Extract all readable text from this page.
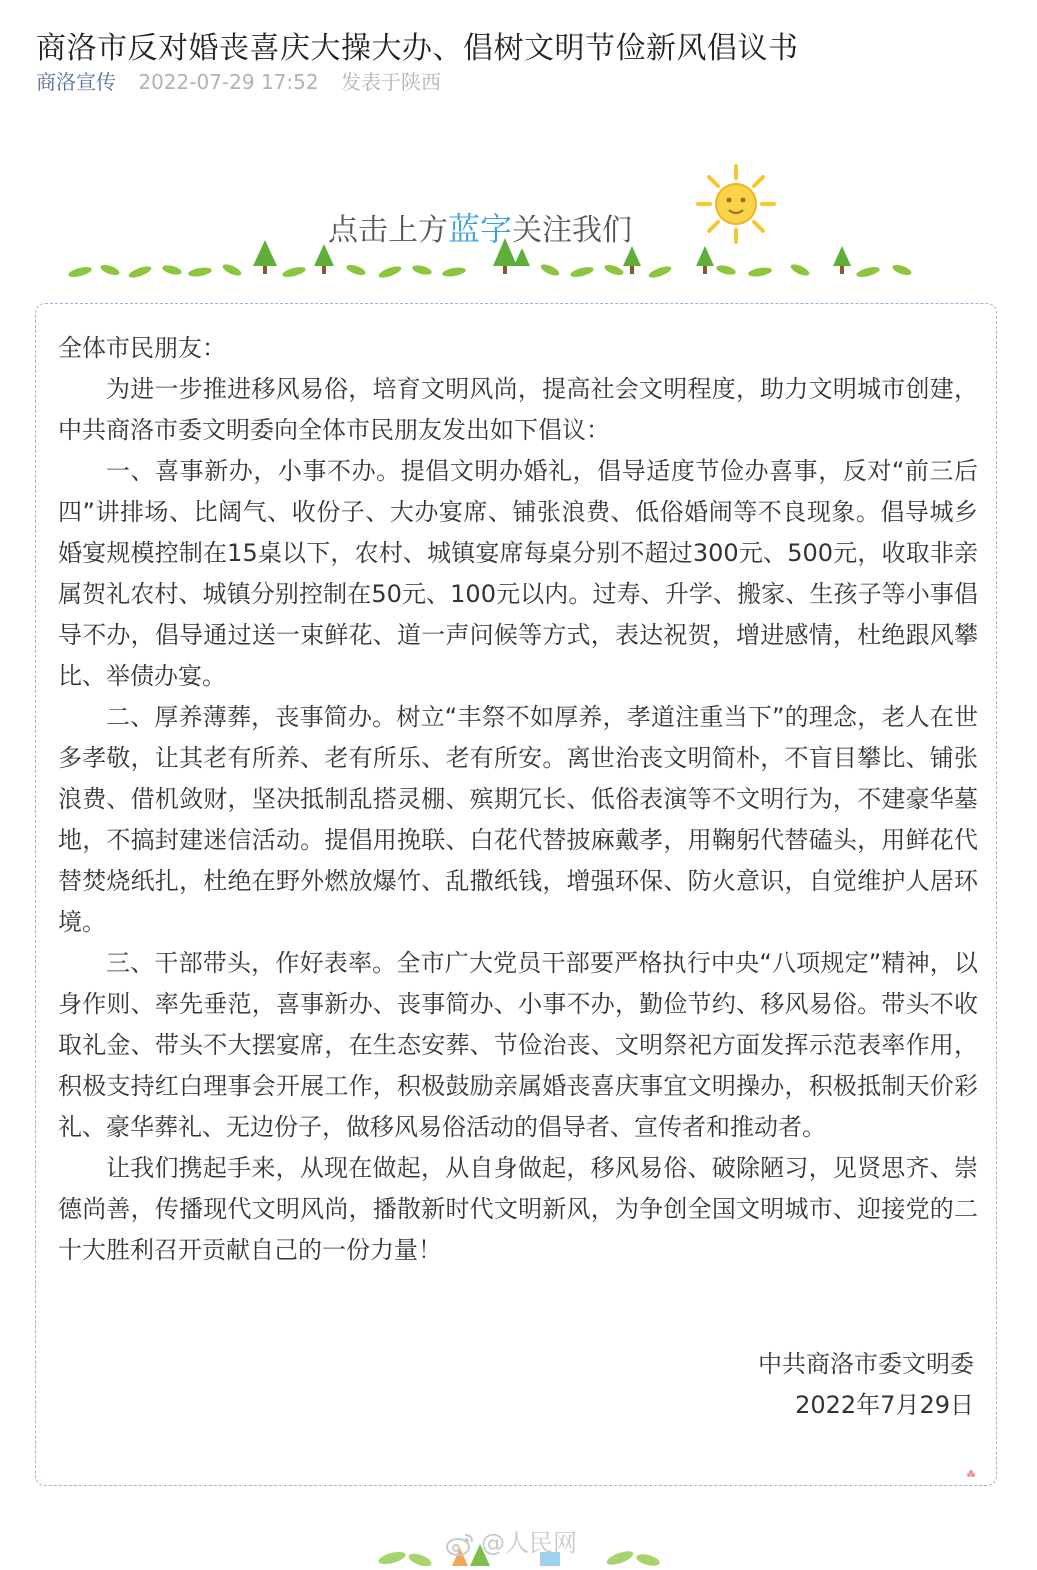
商洛市反对婚丧喜庆大操大办、倡树文明节俭新风倡议书
商洛宣传 2022-07-29 17:52 发表于陕西
点击上方蓝字关注我们

全体市民朋友：

为进一步推进移风易俗，培育文明风尚，提高社会文明程度，助力文明城市创建，中共商洛市委文明委向全体市民朋友发出如下倡议：

一、喜事新办，小事不办。提倡文明办婚礼，倡导适度节俭办喜事，反对“前三后四”讲排场、比阔气、收份子、大办宴席、铺张浪费、低俗婚闹等不良现象。倡导城乡婚宴规模控制在15桌以下，农村、城镇宴席每桌分别不超过300元、500元，收取非亲属贺礼农村、城镇分别控制在50元、100元以内。过寿、升学、搬家、生孩子等小事倡导不办，倡导通过送一束鲜花、道一声问候等方式，表达祝贺，增进感情，杜绝跟风攀比、举债办宴。

二、厚养薄葬，丧事简办。树立“丰祭不如厚养，孝道注重当下”的理念，老人在世多孝敬，让其老有所养、老有所乐、老有所安。离世治丧文明简朴，不盲目攀比、铺张浪费、借机敛财，坚决抵制乱搭灵棚、殡期冗长、低俗表演等不文明行为，不建豪华墓地，不搞封建迷信活动。提倡用挽联、白花代替披麻戴孝，用鞠躬代替磕头，用鲜花代替焚烧纸扎，杜绝在野外燃放爆竹、乱撒纸钱，增强环保、防火意识，自觉维护人居环境。

三、干部带头，作好表率。全市广大党员干部要严格执行中央“八项规定”精神，以身作则、率先垂范，喜事新办、丧事简办、小事不办，勤俭节约、移风易俗。带头不收取礼金、带头不大摆宴席，在生态安葬、节俭治丧、文明祭祀方面发挥示范表率作用，积极支持红白理事会开展工作，积极鼓励亲属婚丧喜庆事宜文明操办，积极抵制天价彩礼、豪华葬礼、无边份子，做移风易俗活动的倡导者、宣传者和推动者。

让我们携起手来，从现在做起，从自身做起，移风易俗、破除陋习，见贤思齐、崇德尚善，传播现代文明风尚，播散新时代文明新风，为争创全国文明城市、迎接党的二十大胜利召开贡献自己的一份力量！

中共商洛市委文明委
2022年7月29日
@人民网
